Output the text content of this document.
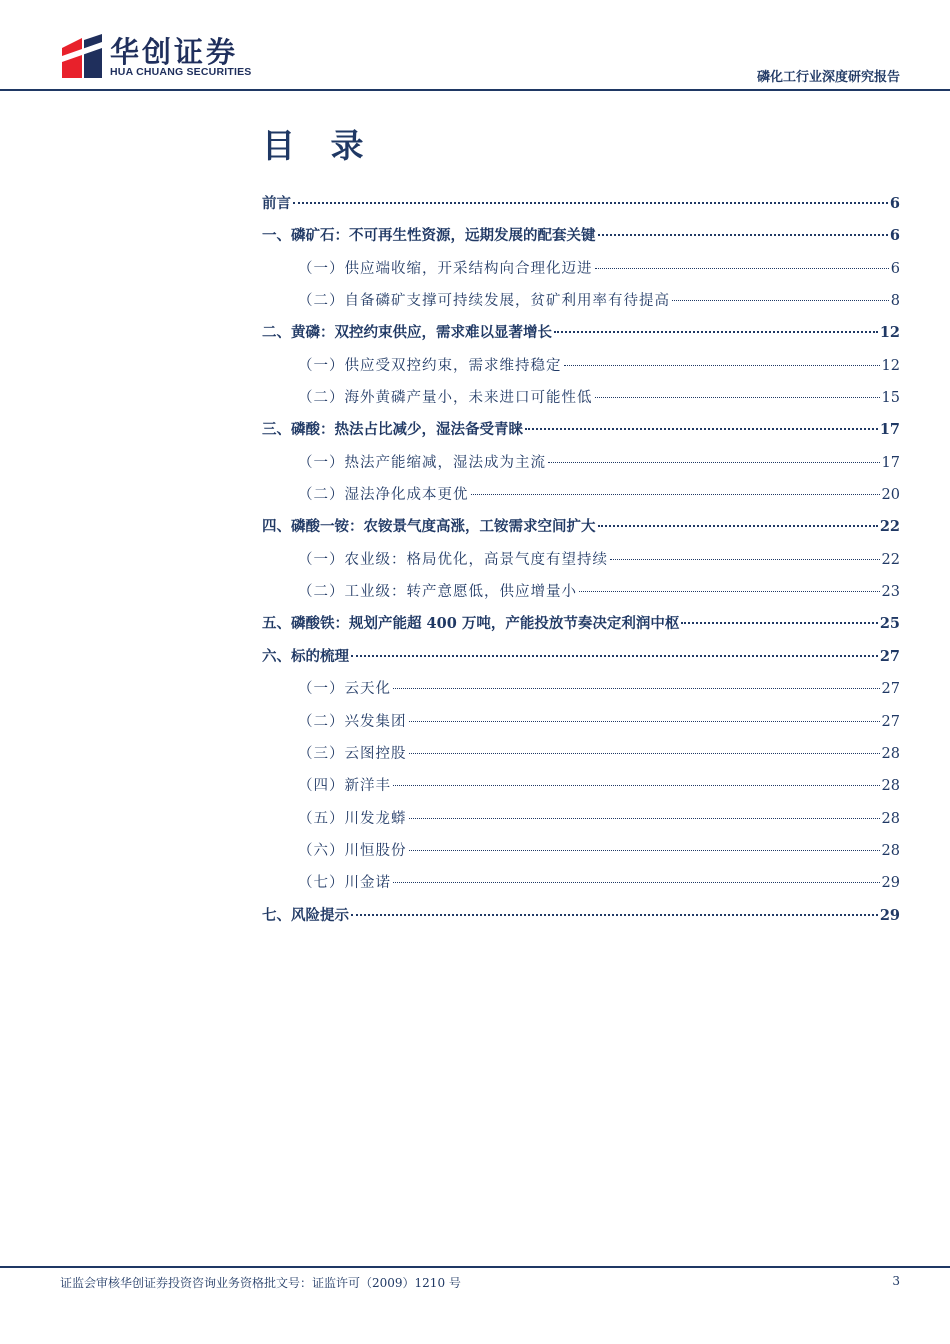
华创证券
HUA CHUANG SECURITIES	磷化工行业深度研究报告
目 录
前言	6
一、磷矿石：不可再生性资源，远期发展的配套关键	6
（一）供应端收缩，开采结构向合理化迈进	6
（二）自备磷矿支撑可持续发展，贫矿利用率有待提高	8
二、黄磷：双控约束供应，需求难以显著增长	12
（一）供应受双控约束，需求维持稳定	12
（二）海外黄磷产量小，未来进口可能性低	15
三、磷酸：热法占比减少，湿法备受青睐	17
（一）热法产能缩减，湿法成为主流	17
（二）湿法净化成本更优	20
四、磷酸一铵：农铵景气度高涨，工铵需求空间扩大	22
（一）农业级：格局优化，高景气度有望持续	22
（二）工业级：转产意愿低，供应增量小	23
五、磷酸铁：规划产能超 400 万吨，产能投放节奏决定利润中枢	25
六、标的梳理	27
（一）云天化	27
（二）兴发集团	27
（三）云图控股	28
（四）新洋丰	28
（五）川发龙蟒	28
（六）川恒股份	28
（七）川金诺	29
七、风险提示	29
证监会审核华创证券投资咨询业务资格批文号：证监许可（2009）1210 号	3
